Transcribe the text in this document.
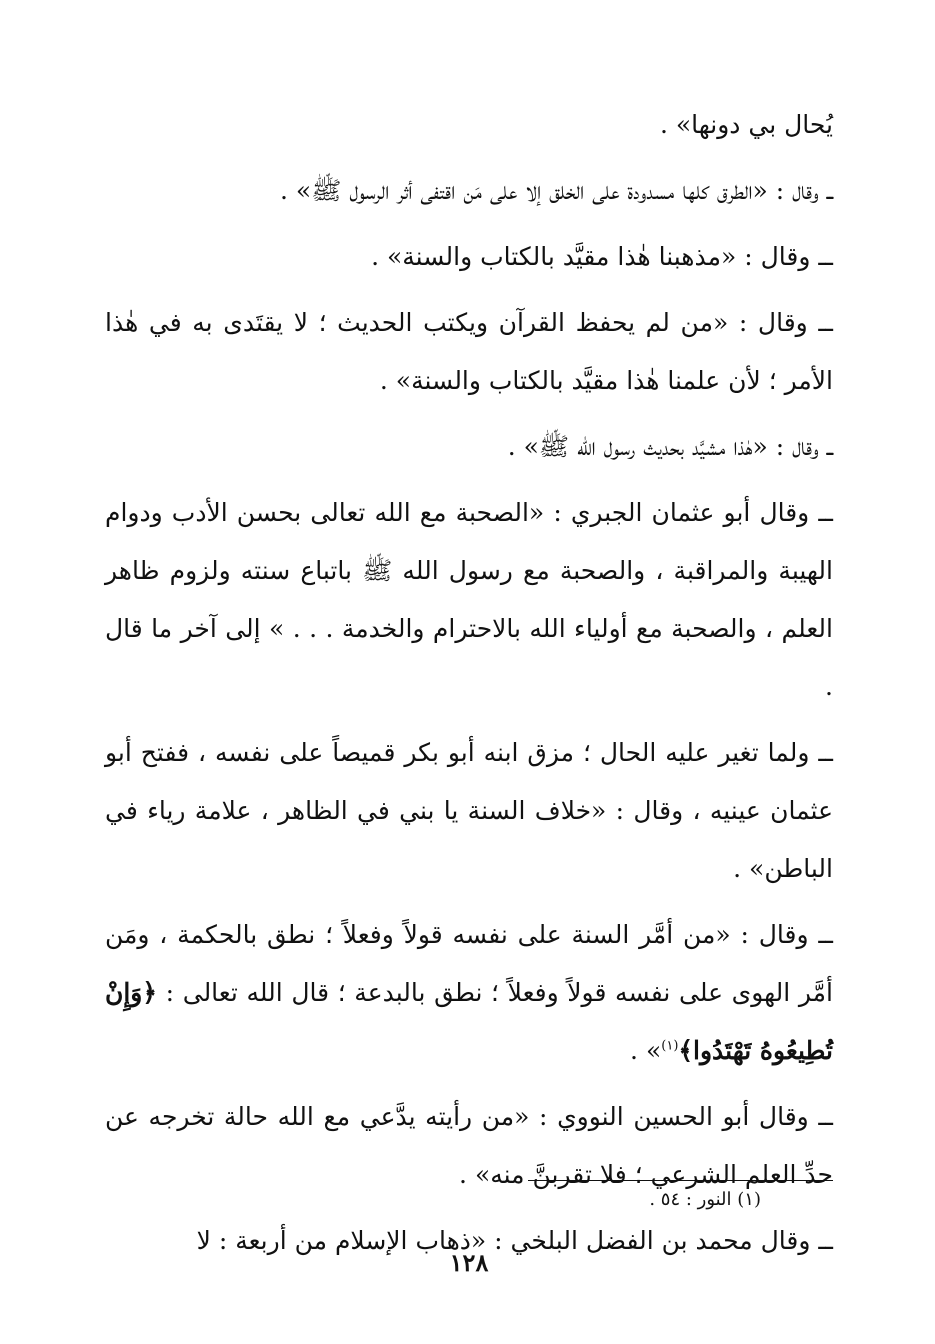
يُحال بي دونها» .

ــ وقال : «الطرق كلها مسدودة على الخلق إلا على مَن اقتفى أثر الرسول ﷺ» .

ــ وقال : «مذهبنا هٰذا مقيَّد بالكتاب والسنة» .

ــ وقال : «من لم يحفظ القرآن ويكتب الحديث ؛ لا يقتَدى به في هٰذا الأمر ؛ لأن علمنا هٰذا مقيَّد بالكتاب والسنة» .

ــ وقال : «هٰذا مشيَّد بحديث رسول الله ﷺ» .

ــ وقال أبو عثمان الجبري : «الصحبة مع الله تعالى بحسن الأدب ودوام الهيبة والمراقبة ، والصحبة مع رسول الله ﷺ باتباع سنته ولزوم ظاهر العلم ، والصحبة مع أولياء الله بالاحترام والخدمة . . . » إلى آخر ما قال .

ــ ولما تغير عليه الحال ؛ مزق ابنه أبو بكر قميصاً على نفسه ، ففتح أبو عثمان عينيه ، وقال : «خلاف السنة يا بني في الظاهر ، علامة رياء في الباطن» .

ــ وقال : «من أمَّر السنة على نفسه قولاً وفعلاً ؛ نطق بالحكمة ، ومَن أمَّر الهوى على نفسه قولاً وفعلاً ؛ نطق بالبدعة ؛ قال الله تعالى : ﴿وَإِنْ تُطِيعُوهُ تَهْتَدُوا﴾$^{(١)}$» .

ــ وقال أبو الحسين النووي : «من رأيته يدَّعي مع الله حالة تخرجه عن حدِّ العلم الشرعي ؛ فلا تقربنَّ منه» .

ــ وقال محمد بن الفضل البلخي : «ذهاب الإسلام من أربعة : لا

(١) النور : ٥٤ .
١٢٨
